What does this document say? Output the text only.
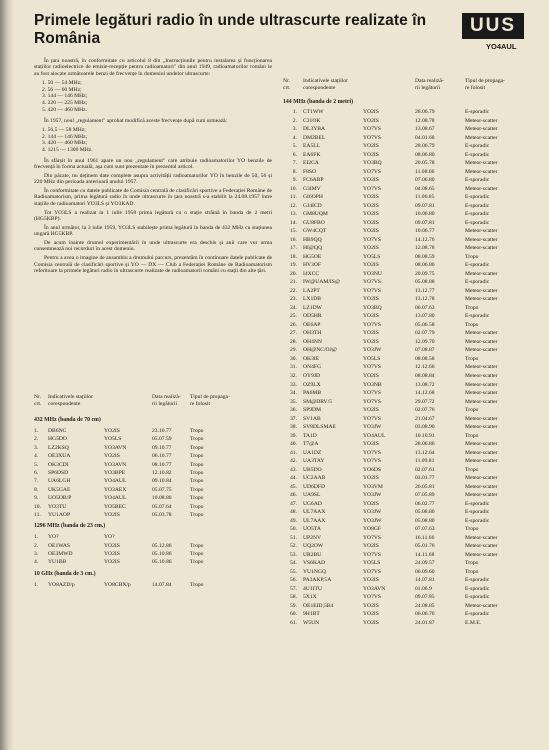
Primele legături radio în unde ultrascurte realizate în România
UUS
YO4AUL

În țara noastră, în conformitate cu articolul 8 din „Instrucțiunile pentru instalarea și funcționarea stațiilor radioelectrice de emisie-recepție pentru radioamatori" din anul 1949, radioamatorilor români le au fost alocate următoarele benzi de frecvențe în domeniul undelor ultrascurte:

1. 50 — 54 MHz;
2. 56 — 60 MHz;
3. 144 — 146 MHz;
4. 220 — 225 MHz;
5. 420 — 460 MHz.

În 1957, noul „regulament" aprobat modifică aceste frecvențe după cum urmează:

1. 56,5 — 58 MHz;
2. 144 — 146 MHz;
3. 420 — 460 MHz;
4. 1215 — 1300 MHz.

În sfârșit în anul 1961 apare un nou „regulament" care atribuie radioamatorilor YO benzile de frecvență în forma actuală, așa cum sunt prezentate în prezentul articol.

Din păcate, nu deținem date complete asupra activității radioamatorilor YO în benzile de 50, 56 și 220 MHz din perioada anterioară anului 1957.

În conformitate cu datele publicate de Comisia centrală de clasificări sportive a Federației Române de Radioamatorism, prima legătură radio în unde ultrascurte în țara noastră s-a stabilit la 24.08.1957 între stațiile de radioamatori YO3LS și YO3KAD.

Tot YO3LS a realizat la 1 iulie 1958 prima legătură cu o stație străină în banda de 2 metri (HG5KBP).

În anul următor, la 3 iulie 1959, YO3LS stabilește prima legătură în banda de 432 MHz cu stațiunea ungară HG5KBP.

De acum înainte drumul experimentării în unde ultrascurte era deschis și anii care vor urma consemnează noi recorduri în acest domeniu.

Pentru a avea o imagine de ansamblu a drumului parcurs, prezentăm în continuare datele publicate de Comisia centrală de clasificări sportive și YO — DX — Club a Federației Române de Radioamatorism referitoare la primele legături radio în ultrascurte realizate de radioamatorii români cu stații din alte țări.

Nr.
crt.
Indicativele stațiilor
corespondente
Data realiză-
rii legăturii
Tipul de propaga-
re folosit
432 MHz (banda de 70 cm)
1.	DB6NC	YO2IS	23.10.77	Tropo
2.	HG5DO	YO5LS	05.07.59	Tropo
3.	LZ2KSQ	YO3AVN	09.10.77	Tropo
4.	OE3XUA	YO2IS	06.10.77	Tropo
5.	OK3CDI	YO3AVN	08.10.77	Tropo
6.	SP6DSD	YO3BPE	12.10.82	Tropo
7.	UA6LGH	YO4AUL	09.10.84	Tropo
8.	UK5GAE	YO3AEX	05.07.75	Tropo
9.	UO5OB/P	YO4AUL	10.08.80	Tropo
10.	YO3TU	YO5BEC	05.07.64	Tropo
11.	YU1AOP	YO2IS	05.03.78	Tropo
1296 MHz (banda de 23 cm.)
1.	YO?	YO?
2.	OE1WAS	YO2IS	05.12.86	Tropo
3.	OE3MWD	YO2IS	05.10.86	Tropo
4.	YU1BB	YO2IS	05.10.86	Tropo
10 GHz (banda de 3 cm.)
1.	YO8AZD/p	YO8CBN/p	14.07.84	Tropo
Nr.
crt.
Indicativele stațiilor
corespondente
Data realiză-
rii legăturii
Tipul de propaga-
re folosit
144 MHz (banda de 2 metri)
1.	CT1WW	YO2IS	28.06.79	E-sporadic
2.	C31OK	YO2IS	12.08.78	Meteor-scatter
3.	DL3YBA	YO7VS	13.08.67	Meteor-scatter
4.	DM2BEL	YO7VS	04.01.68	Meteor-scatter
5.	EA5LL	YO2IS	28.06.79	E-sporadic
6.	EA6FK	YO2IS	08.06.80	E-sporadic
7.	EI2CA	YO3BQ	20.05.78	Meteor-scatter
8.	F8SO	YO7VS	11.08.66	Meteor-scatter
9.	FC6ABP	YO2IS	07.06.80	E-sporadic
10.	G3IMV	YO7VS	04.08.65	Meteor-scatter
11.	GI6OPH	YO2IS	11.06.85	E-sporadic
12.	GJ4ICD	YO2IS	09.07.81	E-sporadic
13.	GM8UQM	YO2IS	10.06.80	E-sporadic
14.	GU8FBO	YO2IS	09.07.81	E-sporadic
15.	GW4CQT	YO2IS	10.06.77	Meteor-scatter
16.	HB9QQ	YO7VS	14.12.76	Meteor-scatter
17.	HI@QQ	YO2IS	12.08.78	Meteor-scatter
18.	HG5OE	YO5LS	08.08.59	Tropo
19.	HV3OF	YO2IS	08.06.80	E-sporadic
20.	I4XCC	YO3NU	20.09.75	Meteor-scatter
21.	IW@UAM/IS@	YO7VS	05.08.88	E-sporadic
22.	LA2PT	YO7VS	13.12.77	Meteor-scatter
23.	LX1DB	YO2IS	13.12.78	Meteor-scatter
24.	LZ1DW	YO3BQ	06.07.63	Tropo
25.	OD5HR	YO2IS	13.07.80	E-sporadic
26.	OE6AP	YO7VS	05.06.58	Tropo
27.	OH3TH	YO2IS	02.07.79	Meteor-scatter
28.	OH4NN	YO2IS	12.09.70	Meteor-scatter
29.	OH@NC/OJ@	YO3JW	07.08.87	Meteor-scatter
30.	OK3IE	YO5LS	08.08.58	Tropo
31.	ON4FG	YO7VS	12.12.66	Meteor-scatter
32.	OY9JD	YO2IS	08.08.84	Meteor-scatter
33.	OZ9LX	YO3NB	13.08.72	Meteor-scatter
34.	PA6MB	YO7VS	14.12.68	Meteor-scatter
35.	SM@DRV/5	YO7VS	29.07.72	Meteor-scatter
36.	SP9DM	YO2IS	02.07.76	Tropo
37.	SV1AB	YO7VS	21.04.67	Meteor-scatter
38.	SV8DLSMAE	YO3JW	03.08.90	Meteor-scatter
39.	TA1D	YO4AUL	10.10.91	Tropo
40.	T7@A	YO2IS	28.06.86	Meteor-scatter
41.	UA1DZ	YO7VS	13.12.64	Meteor-scatter
42.	UA3TAY	YO7VS	11.09.81	Meteor-scatter
43.	UB5DO	YO6DS	02.07.61	Tropo
44.	UC2AAB	YO2IS	03.01.77	Meteor-scatter
45.	UD6DFD	YO3VM	26.05.81	Meteor-scatter
46.	UA9SL	YO3JW	07.05.89	Meteor-scatter
47.	UG6AD	YO2IS	06.02.77	E-sporadic
48.	UL7AAX	YO3JW	05.08.80	E-sporadic
49.	UL7AAX	YO3JW	05.08.80	E-sporadic
50.	UO5TA	YO8GF	07.07.63	Tropo
51.	UP2NV	YO7VS	16.11.66	Meteor-scatter
52.	UQ2OW	YO2IS	05.01.76	Meteor-scatter
53.	UR2BU	YO7VS	14.11.68	Meteor-scatter
54.	VS6KAD	YO5LS	24.09.57	Tropo
55.	YU1NGQ	YO7VS	06.09.60	Tropo
56.	PA3AKP,5A	YO2IS	14.07.81	E-sporadic
57.	4U1ITU	YO3AVN	01.06.9	E-sporadic
58.	5X1X	YO7VS	09.07.85	E-sporadic
59.	OE1EID,5B4	YO2IS	24.08.85	Meteor-scatter
60.	9H1BT	YO2IS	06.06.76	E-sporadic
61.	W5UN	YO2IS	24.01.87	E.M.E.
